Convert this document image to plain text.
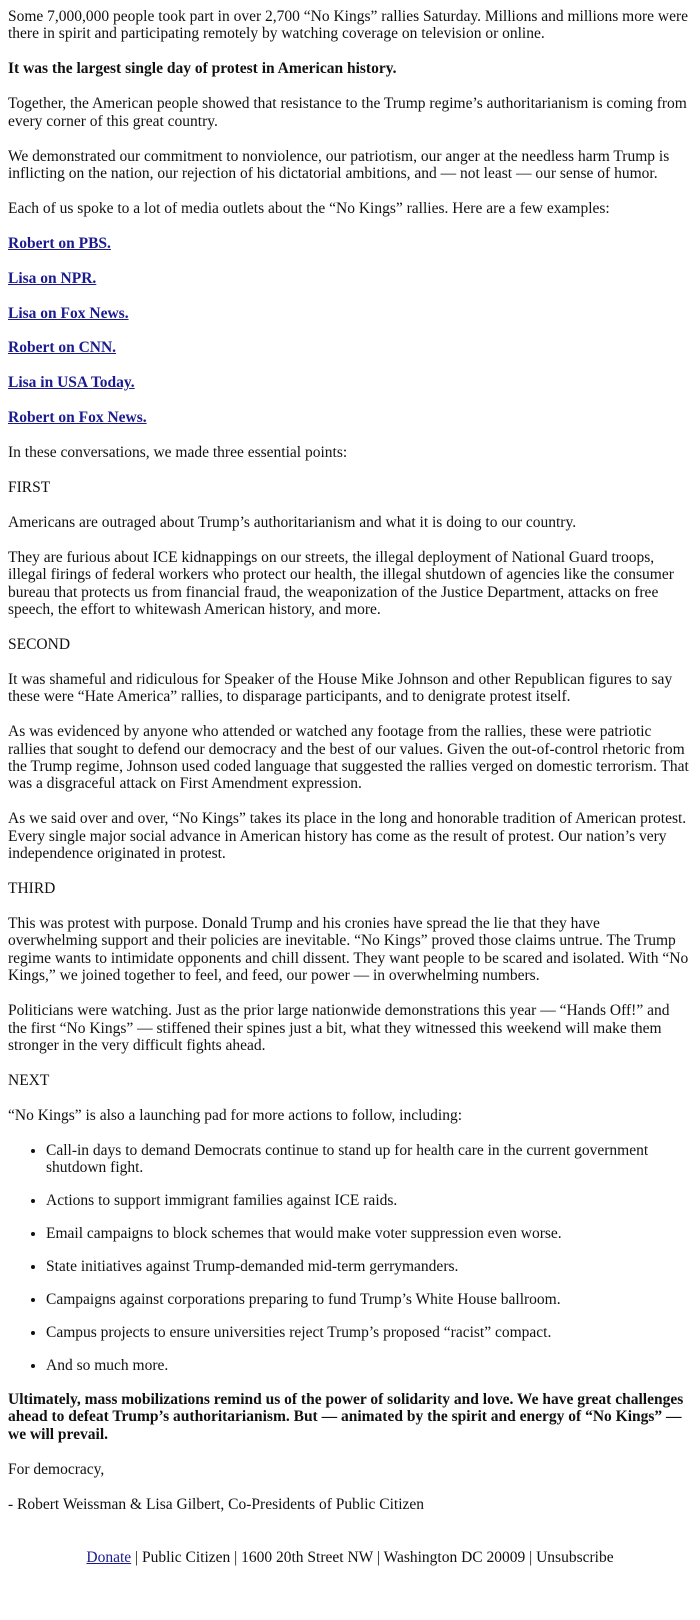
Some 7,000,000 people took part in over 2,700 “No Kings” rallies Saturday. Millions and millions more were there in spirit and participating remotely by watching coverage on television or online.

It was the largest single day of protest in American history.

Together, the American people showed that resistance to the Trump regime’s authoritarianism is coming from every corner of this great country.

We demonstrated our commitment to nonviolence, our patriotism, our anger at the needless harm Trump is inflicting on the nation, our rejection of his dictatorial ambitions, and — not least — our sense of humor.

Each of us spoke to a lot of media outlets about the “No Kings” rallies. Here are a few examples:

Robert on PBS.

Lisa on NPR.

Lisa on Fox News.

Robert on CNN.

Lisa in USA Today.

Robert on Fox News.

In these conversations, we made three essential points:

FIRST

Americans are outraged about Trump’s authoritarianism and what it is doing to our country.

They are furious about ICE kidnappings on our streets, the illegal deployment of National Guard troops, illegal firings of federal workers who protect our health, the illegal shutdown of agencies like the consumer bureau that protects us from financial fraud, the weaponization of the Justice Department, attacks on free speech, the effort to whitewash American history, and more.

SECOND

It was shameful and ridiculous for Speaker of the House Mike Johnson and other Republican figures to say these were “Hate America” rallies, to disparage participants, and to denigrate protest itself.

As was evidenced by anyone who attended or watched any footage from the rallies, these were patriotic rallies that sought to defend our democracy and the best of our values. Given the out-of-control rhetoric from the Trump regime, Johnson used coded language that suggested the rallies verged on domestic terrorism. That was a disgraceful attack on First Amendment expression.

As we said over and over, “No Kings” takes its place in the long and honorable tradition of American protest. Every single major social advance in American history has come as the result of protest. Our nation’s very independence originated in protest.

THIRD

This was protest with purpose. Donald Trump and his cronies have spread the lie that they have overwhelming support and their policies are inevitable. “No Kings” proved those claims untrue. The Trump regime wants to intimidate opponents and chill dissent. They want people to be scared and isolated. With “No Kings,” we joined together to feel, and feed, our power — in overwhelming numbers.

Politicians were watching. Just as the prior large nationwide demonstrations this year — “Hands Off!” and the first “No Kings” — stiffened their spines just a bit, what they witnessed this weekend will make them stronger in the very difficult fights ahead.

NEXT

“No Kings” is also a launching pad for more actions to follow, including:

• Call-in days to demand Democrats continue to stand up for health care in the current government shutdown fight.
• Actions to support immigrant families against ICE raids.
• Email campaigns to block schemes that would make voter suppression even worse.
• State initiatives against Trump-demanded mid-term gerrymanders.
• Campaigns against corporations preparing to fund Trump’s White House ballroom.
• Campus projects to ensure universities reject Trump’s proposed “racist” compact.
• And so much more.

Ultimately, mass mobilizations remind us of the power of solidarity and love. We have great challenges ahead to defeat Trump’s authoritarianism. But — animated by the spirit and energy of “No Kings” — we will prevail.

For democracy,

- Robert Weissman & Lisa Gilbert, Co-Presidents of Public Citizen

Donate | Public Citizen | 1600 20th Street NW | Washington DC 20009 | Unsubscribe
